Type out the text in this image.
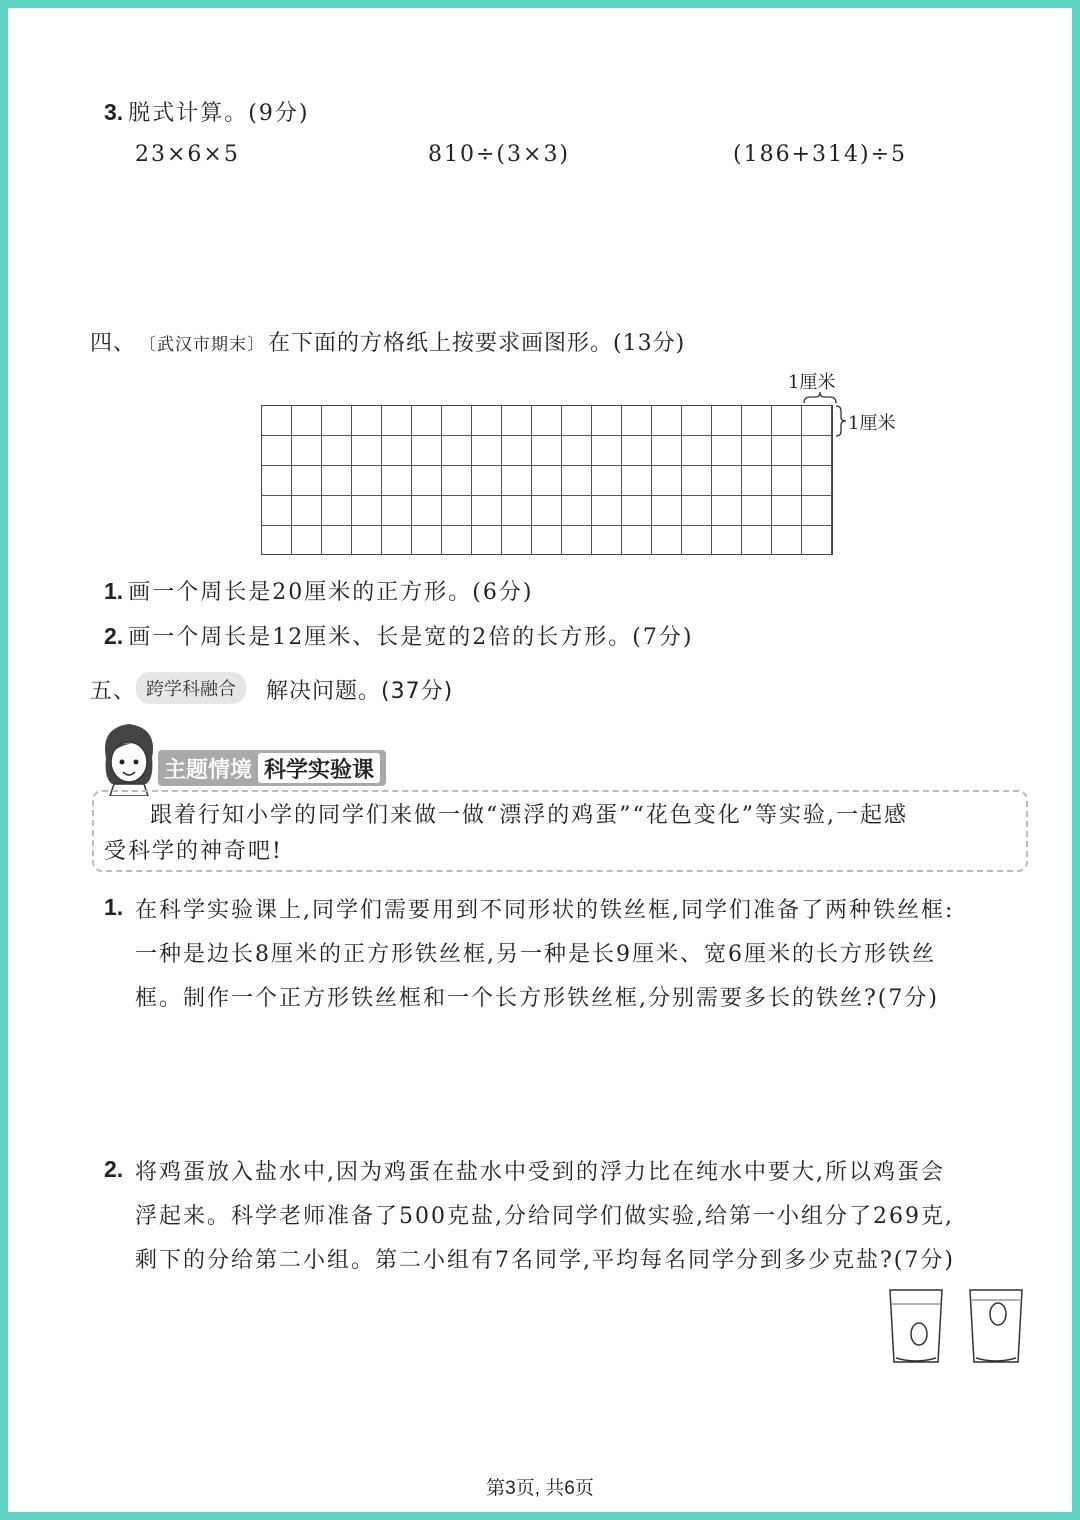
3. 脱式计算。(9分)
23×6×5	810÷(3×3)	(186+314)÷5
四、 〔武汉市期末〕 在下面的方格纸上按要求画图形。(13分)
1厘米
1厘米
1. 画一个周长是20厘米的正方形。(6分)
2. 画一个周长是12厘米、长是宽的2倍的长方形。(7分)
五、 跨学科融合	解决问题。(37分)
主题情境 科学实验课
跟着行知小学的同学们来做一做“漂浮的鸡蛋”“花色变化”等实验,一起感
受科学的神奇吧!
1. 在科学实验课上,同学们需要用到不同形状的铁丝框,同学们准备了两种铁丝框:
一种是边长8厘米的正方形铁丝框,另一种是长9厘米、宽6厘米的长方形铁丝
框。制作一个正方形铁丝框和一个长方形铁丝框,分别需要多长的铁丝?(7分)
2. 将鸡蛋放入盐水中,因为鸡蛋在盐水中受到的浮力比在纯水中要大,所以鸡蛋会
浮起来。科学老师准备了500克盐,分给同学们做实验,给第一小组分了269克,
剩下的分给第二小组。第二小组有7名同学,平均每名同学分到多少克盐?(7分)
第3页, 共6页
